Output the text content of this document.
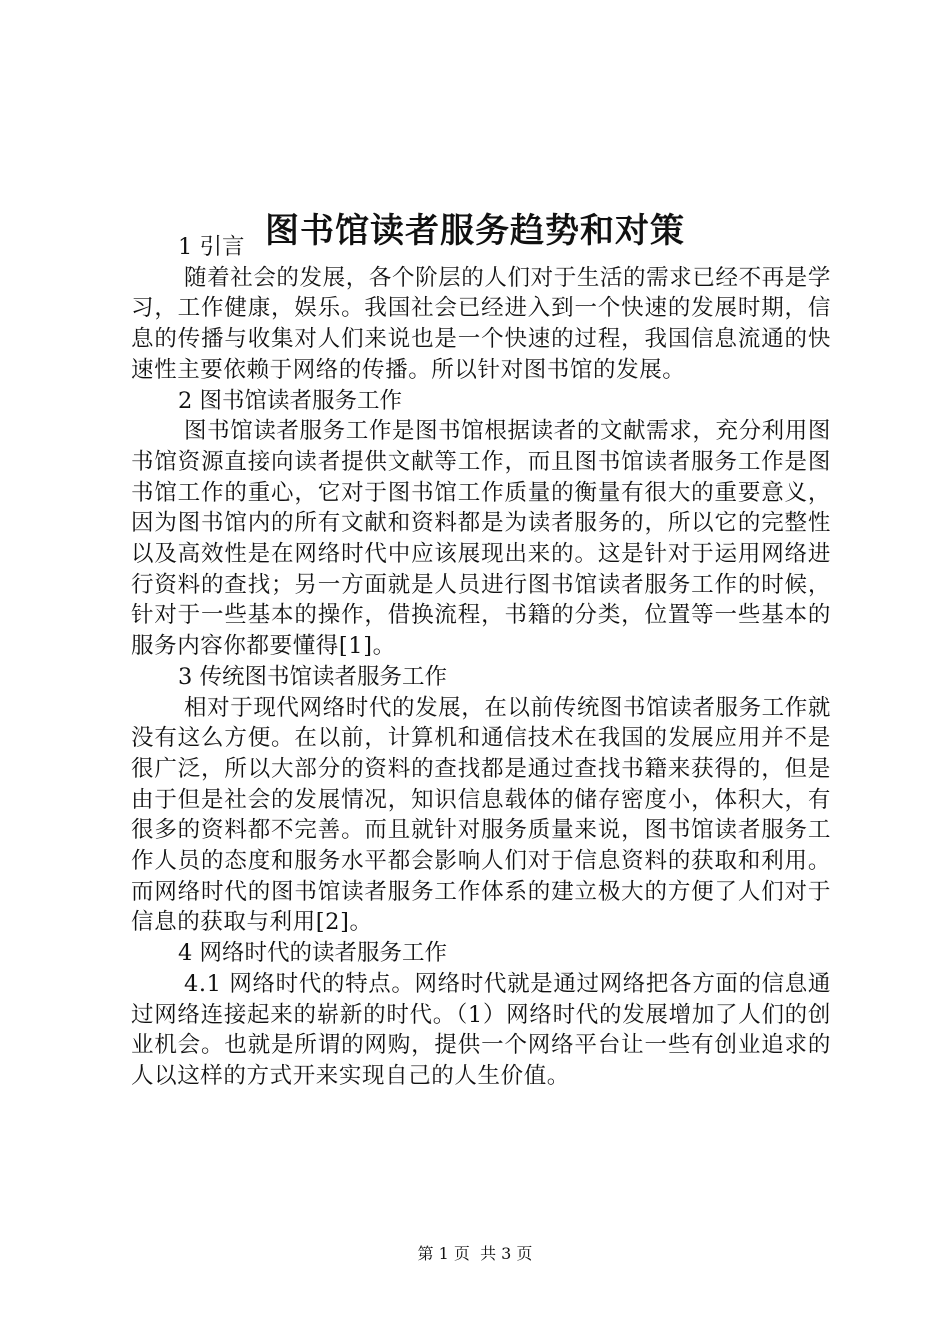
图书馆读者服务趋势和对策
1 引言

随着社会的发展，各个阶层的人们对于生活的需求已经不再是学习，工作健康，娱乐。我国社会已经进入到一个快速的发展时期，信息的传播与收集对人们来说也是一个快速的过程，我国信息流通的快速性主要依赖于网络的传播。所以针对图书馆的发展。

2 图书馆读者服务工作

图书馆读者服务工作是图书馆根据读者的文献需求，充分利用图书馆资源直接向读者提供文献等工作，而且图书馆读者服务工作是图书馆工作的重心，它对于图书馆工作质量的衡量有很大的重要意义，因为图书馆内的所有文献和资料都是为读者服务的，所以它的完整性以及高效性是在网络时代中应该展现出来的。这是针对于运用网络进行资料的查找；另一方面就是人员进行图书馆读者服务工作的时候，针对于一些基本的操作，借换流程，书籍的分类，位置等一些基本的服务内容你都要懂得[1]。

3 传统图书馆读者服务工作

相对于现代网络时代的发展，在以前传统图书馆读者服务工作就没有这么方便。在以前，计算机和通信技术在我国的发展应用并不是很广泛，所以大部分的资料的查找都是通过查找书籍来获得的，但是由于但是社会的发展情况，知识信息载体的储存密度小，体积大，有很多的资料都不完善。而且就针对服务质量来说，图书馆读者服务工作人员的态度和服务水平都会影响人们对于信息资料的获取和利用。而网络时代的图书馆读者服务工作体系的建立极大的方便了人们对于信息的获取与利用[2]。

4 网络时代的读者服务工作

4.1 网络时代的特点。网络时代就是通过网络把各方面的信息通过网络连接起来的崭新的时代。（1）网络时代的发展增加了人们的创业机会。也就是所谓的网购，提供一个网络平台让一些有创业追求的人以这样的方式开来实现自己的人生价值。

第 1 页  共 3 页
